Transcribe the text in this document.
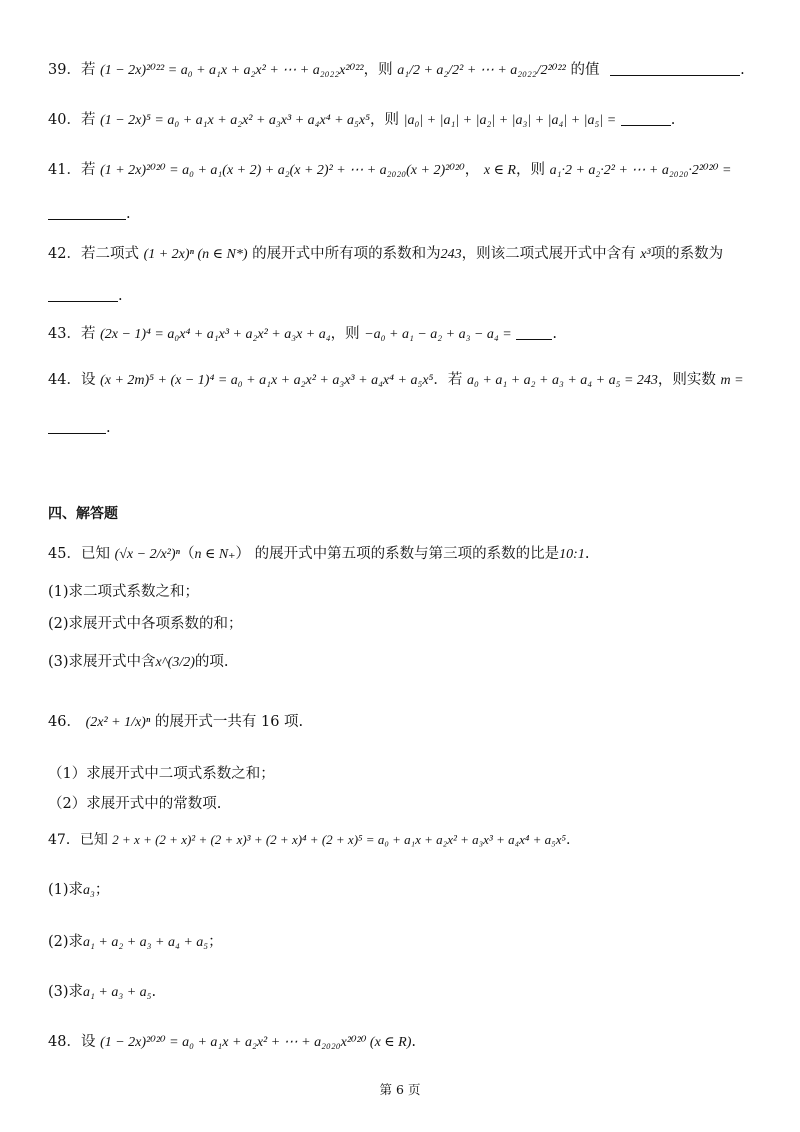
39．若 (1 − 2x)²⁰²² = a₀ + a₁x + a₂x² + ⋯ + a₂₀₂₂x²⁰²²，则 a₁/2 + a₂/2² + ⋯ + a₂₀₂₂/2²⁰²² 的值	.
40．若 (1 − 2x)⁵ = a₀ + a₁x + a₂x² + a₃x³ + a₄x⁴ + a₅x⁵，则 |a₀| + |a₁| + |a₂| + |a₃| + |a₄| + |a₅| =	.
41．若 (1 + 2x)²⁰²⁰ = a₀ + a₁(x + 2) + a₂(x + 2)² + ⋯ + a₂₀₂₀(x + 2)²⁰²⁰， x ∈ R，则 a₁·2 + a₂·2² + ⋯ + a₂₀₂₀·2²⁰²⁰ =
.
42．若二项式 (1 + 2x)ⁿ (n ∈ N*) 的展开式中所有项的系数和为243，则该二项式展开式中含有 x³项的系数为
.
43．若 (2x − 1)⁴ = a₀x⁴ + a₁x³ + a₂x² + a₃x + a₄，则 −a₀ + a₁ − a₂ + a₃ − a₄ =	.
44．设 (x + 2m)⁵ + (x − 1)⁴ = a₀ + a₁x + a₂x² + a₃x³ + a₄x⁴ + a₅x⁵．若 a₀ + a₁ + a₂ + a₃ + a₄ + a₅ = 243，则实数 m =
.
四、解答题
45．已知 (√x − 2/x²)ⁿ（n ∈ N₊） 的展开式中第五项的系数与第三项的系数的比是10:1.
(1)求二项式系数之和；
(2)求展开式中各项系数的和；
(3)求展开式中含x^(3/2)的项.
46． (2x² + 1/x)ⁿ 的展开式一共有 16 项.
（1）求展开式中二项式系数之和；
（2）求展开式中的常数项.
47．已知 2 + x + (2 + x)² + (2 + x)³ + (2 + x)⁴ + (2 + x)⁵ = a₀ + a₁x + a₂x² + a₃x³ + a₄x⁴ + a₅x⁵.
(1)求a₃；
(2)求a₁ + a₂ + a₃ + a₄ + a₅；
(3)求a₁ + a₃ + a₅.
48．设 (1 − 2x)²⁰²⁰ = a₀ + a₁x + a₂x² + ⋯ + a₂₀₂₀x²⁰²⁰ (x ∈ R).
第 6 页
